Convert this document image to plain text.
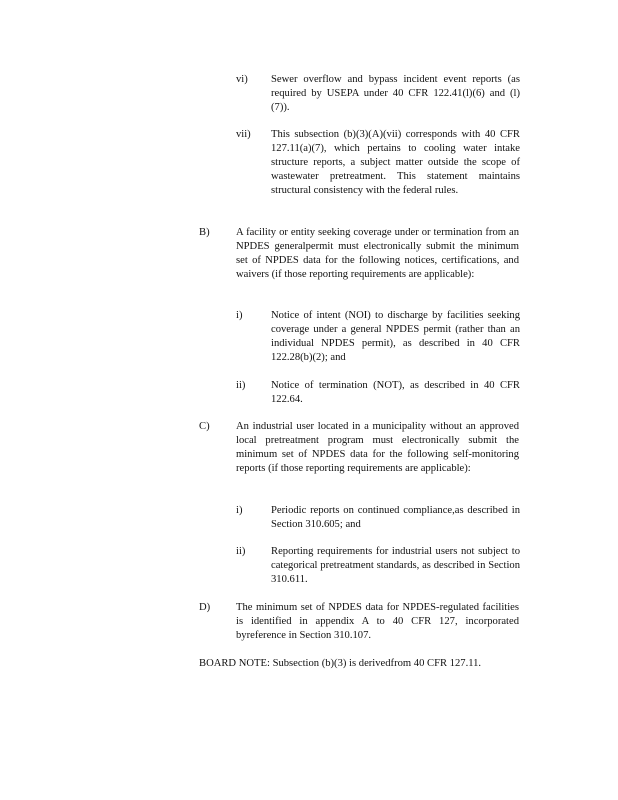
vi) Sewer overflow and bypass incident event reports (as required by USEPA under 40 CFR 122.41(l)(6) and (l)(7)).
vii) This subsection (b)(3)(A)(vii) corresponds with 40 CFR 127.11(a)(7), which pertains to cooling water intake structure reports, a subject matter outside the scope of wastewater pretreatment. This statement maintains structural consistency with the federal rules.
B) A facility or entity seeking coverage under or termination from an NPDES generalpermit must electronically submit the minimum set of NPDES data for the following notices, certifications, and waivers (if those reporting requirements are applicable):
i)	Notice of intent (NOI) to discharge by facilities seeking coverage under a general NPDES permit (rather than an individual NPDES permit), as described in 40 CFR 122.28(b)(2); and
ii) Notice of termination (NOT), as described in 40 CFR 122.64.
C) An industrial user located in a municipality without an approved local pretreatment program must electronically submit the minimum set of NPDES data for the following self-monitoring reports (if those reporting requirements are applicable):
i)	Periodic reports on continued compliance,as described in Section 310.605; and
ii) Reporting requirements for industrial users not subject to categorical pretreatment standards, as described in Section 310.611.
D) The minimum set of NPDES data for NPDES-regulated facilities is identified in appendix A to 40 CFR 127, incorporated byreference in Section 310.107.
BOARD NOTE: Subsection (b)(3) is derivedfrom 40 CFR 127.11.
